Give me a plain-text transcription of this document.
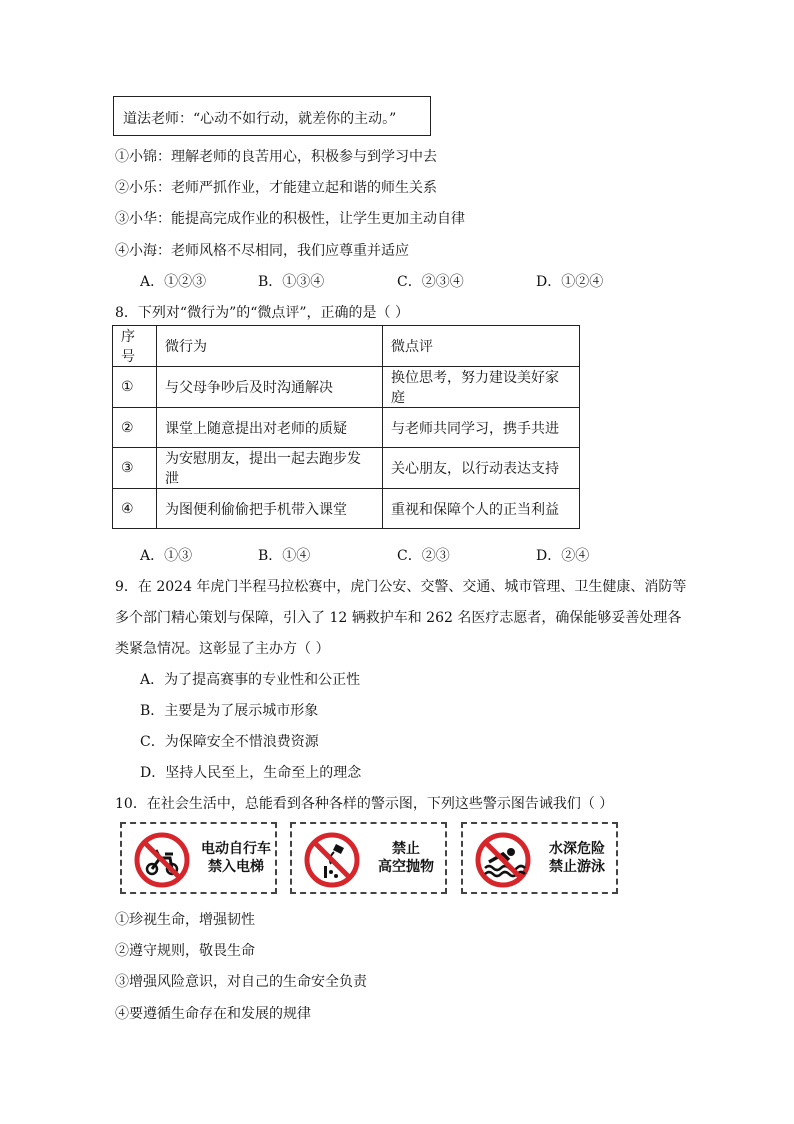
道法老师：“心动不如行动，就差你的主动。”
①小锦：理解老师的良苦用心，积极参与到学习中去
②小乐：老师严抓作业，才能建立起和谐的师生关系
③小华：能提高完成作业的积极性，让学生更加主动自律
④小海：老师风格不尽相同，我们应尊重并适应
A．①②③	B．①③④	C．②③④	D．①②④
8．下列对“微行为”的“微点评”，正确的是（ ）
序号	微行为	微点评
①	与父母争吵后及时沟通解决	换位思考，努力建设美好家庭
②	课堂上随意提出对老师的质疑	与老师共同学习，携手共进
③	为安慰朋友，提出一起去跑步发泄	关心朋友，以行动表达支持
④	为图便利偷偷把手机带入课堂	重视和保障个人的正当利益
A．①③	B．①④	C．②③	D．②④
9．在 2024 年虎门半程马拉松赛中，虎门公安、交警、交通、城市管理、卫生健康、消防等
多个部门精心策划与保障，引入了 12 辆救护车和 262 名医疗志愿者，确保能够妥善处理各
类紧急情况。这彰显了主办方（ ）
A．为了提高赛事的专业性和公正性
B．主要是为了展示城市形象
C．为保障安全不惜浪费资源
D．坚持人民至上，生命至上的理念
10．在社会生活中，总能看到各种各样的警示图，下列这些警示图告诫我们（ ）
电动自行车
禁入电梯
禁止
高空抛物
水深危险
禁止游泳
①珍视生命，增强韧性
②遵守规则，敬畏生命
③增强风险意识，对自己的生命安全负责
④要遵循生命存在和发展的规律
